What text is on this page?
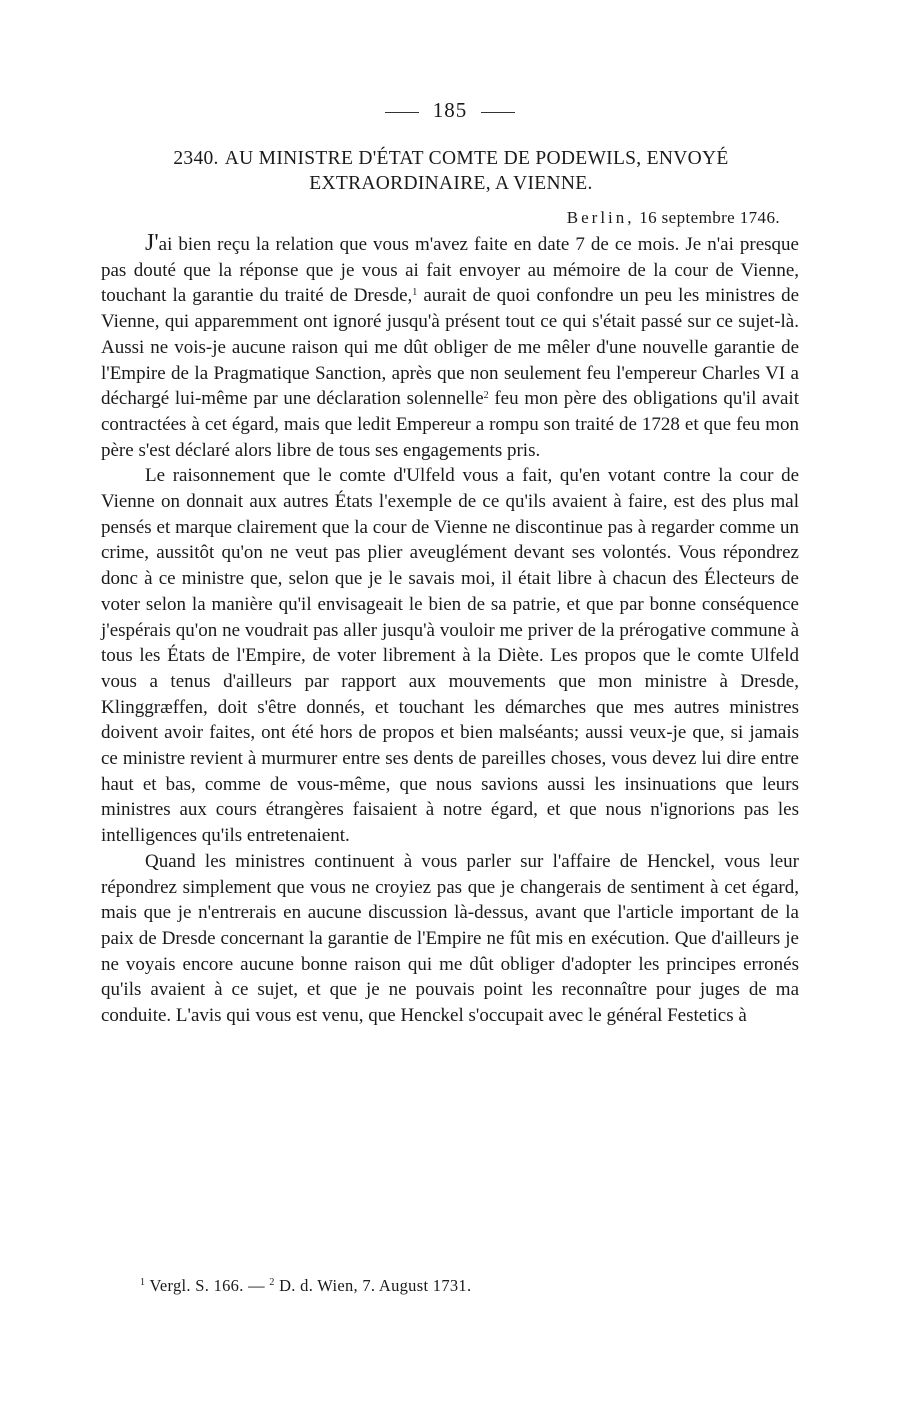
185
2340. AU MINISTRE D'ÉTAT COMTE DE PODEWILS, ENVOYÉ EXTRAORDINAIRE, A VIENNE.
Berlin, 16 septembre 1746.

J'ai bien reçu la relation que vous m'avez faite en date 7 de ce mois. Je n'ai presque pas douté que la réponse que je vous ai fait envoyer au mémoire de la cour de Vienne, touchant la garantie du traité de Dresde,$^1$ aurait de quoi confondre un peu les ministres de Vienne, qui apparemment ont ignoré jusqu'à présent tout ce qui s'était passé sur ce sujet-là. Aussi ne vois-je aucune raison qui me dût obliger de me mêler d'une nouvelle garantie de l'Empire de la Pragmatique Sanction, après que non seulement feu l'empereur Charles VI a déchargé lui-même par une déclaration solennelle$^2$ feu mon père des obligations qu'il avait contractées à cet égard, mais que ledit Empereur a rompu son traité de 1728 et que feu mon père s'est déclaré alors libre de tous ses engagements pris.

Le raisonnement que le comte d'Ulfeld vous a fait, qu'en votant contre la cour de Vienne on donnait aux autres États l'exemple de ce qu'ils avaient à faire, est des plus mal pensés et marque clairement que la cour de Vienne ne discontinue pas à regarder comme un crime, aussitôt qu'on ne veut pas plier aveuglément devant ses volontés. Vous répondrez donc à ce ministre que, selon que je le savais moi, il était libre à chacun des Électeurs de voter selon la manière qu'il envisageait le bien de sa patrie, et que par bonne conséquence j'espérais qu'on ne voudrait pas aller jusqu'à vouloir me priver de la prérogative commune à tous les États de l'Empire, de voter librement à la Diète. Les propos que le comte Ulfeld vous a tenus d'ailleurs par rapport aux mouvements que mon ministre à Dresde, Klinggræffen, doit s'être donnés, et touchant les démarches que mes autres ministres doivent avoir faites, ont été hors de propos et bien malséants; aussi veux-je que, si jamais ce ministre revient à murmurer entre ses dents de pareilles choses, vous devez lui dire entre haut et bas, comme de vous-même, que nous savions aussi les insinuations que leurs ministres aux cours étrangères faisaient à notre égard, et que nous n'ignorions pas les intelligences qu'ils entretenaient.

Quand les ministres continuent à vous parler sur l'affaire de Henckel, vous leur répondrez simplement que vous ne croyiez pas que je changerais de sentiment à cet égard, mais que je n'entrerais en aucune discussion là-dessus, avant que l'article important de la paix de Dresde concernant la garantie de l'Empire ne fût mis en exécution. Que d'ailleurs je ne voyais encore aucune bonne raison qui me dût obliger d'adopter les principes erronés qu'ils avaient à ce sujet, et que je ne pouvais point les reconnaître pour juges de ma conduite. L'avis qui vous est venu, que Henckel s'occupait avec le général Festetics à

$^1$ Vergl. S. 166. — $^2$ D. d. Wien, 7. August 1731.
